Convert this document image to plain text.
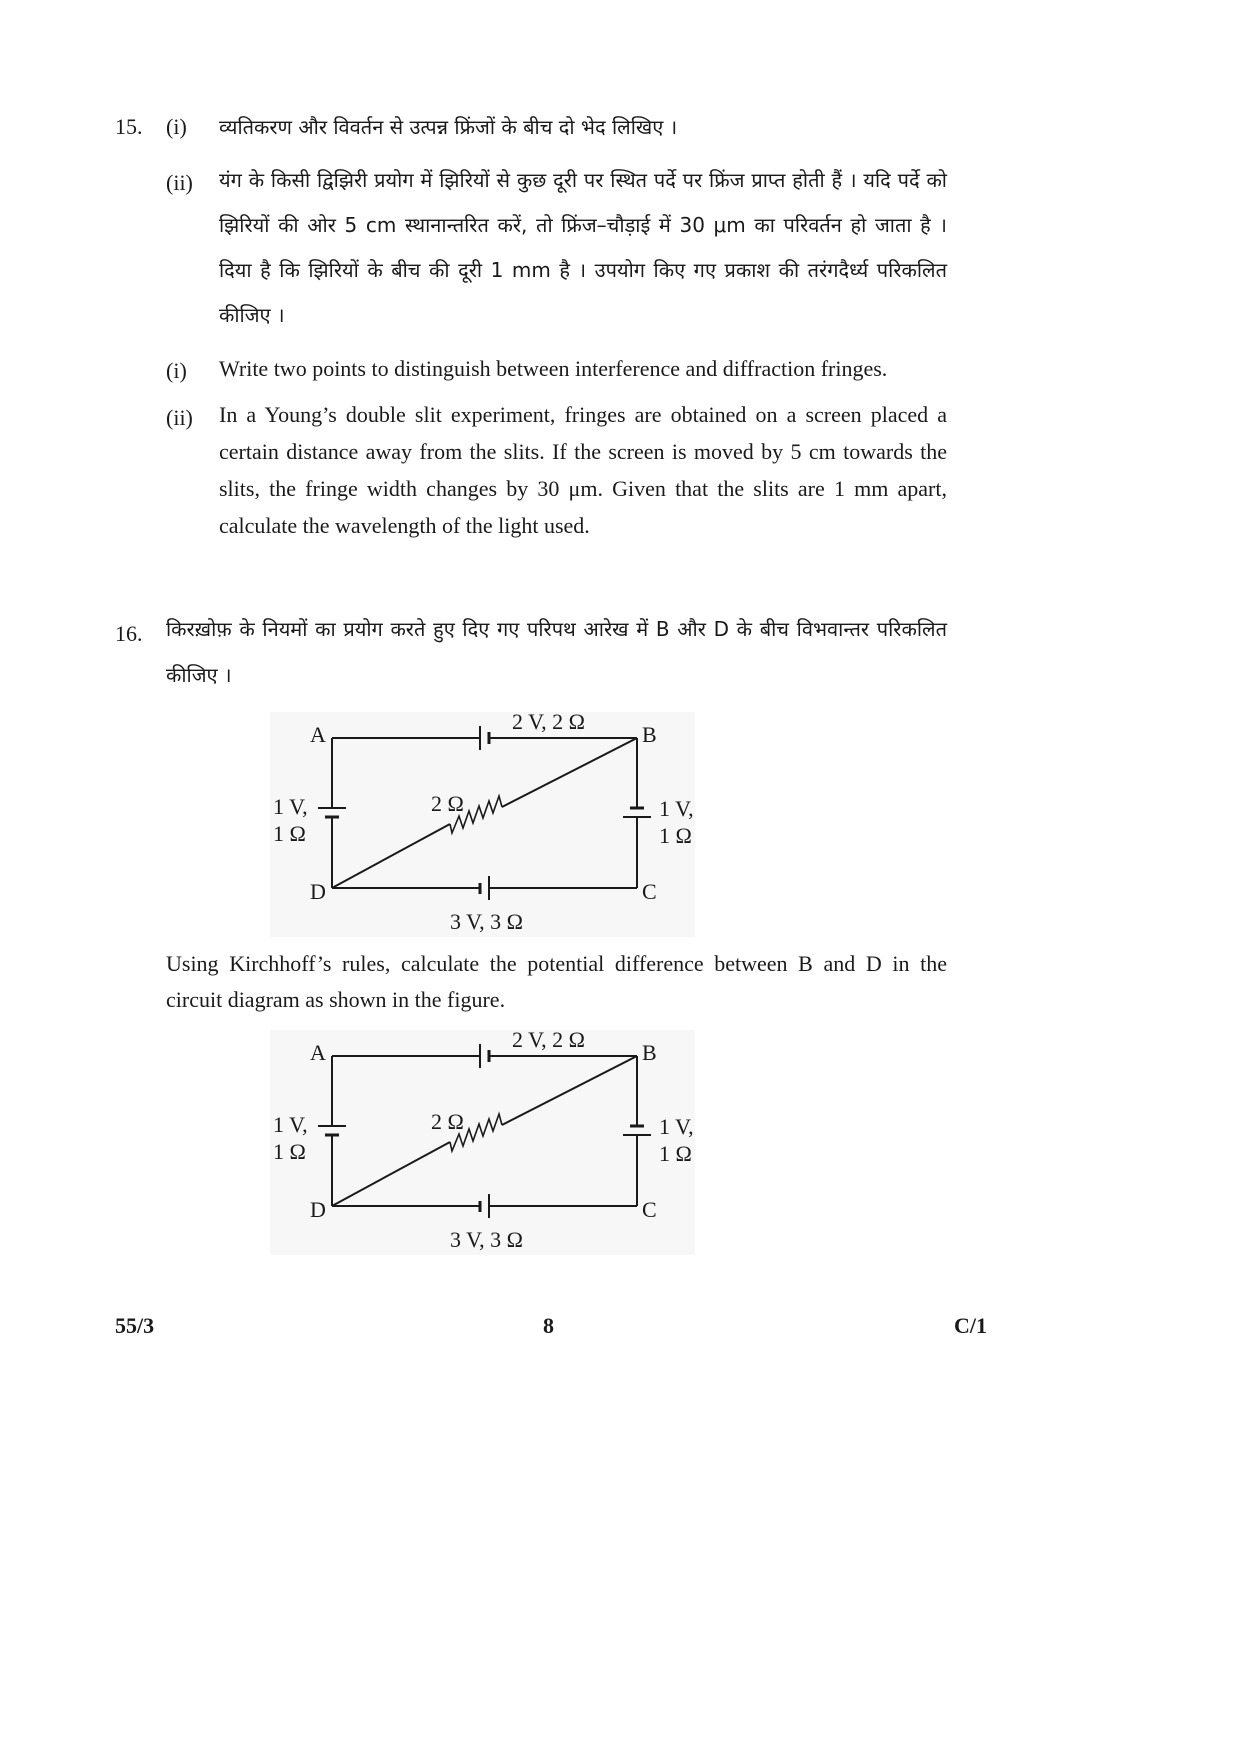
15. (i) व्यतिकरण और विवर्तन से उत्पन्न फ्रिंजों के बीच दो भेद लिखिए ।
(ii) यंग के किसी द्विझिरी प्रयोग में झिरियों से कुछ दूरी पर स्थित पर्दे पर फ्रिंज प्राप्त होती हैं । यदि पर्दे को झिरियों की ओर 5 cm स्थानान्तरित करें, तो फ्रिंज–चौड़ाई में 30 μm का परिवर्तन हो जाता है । दिया है कि झिरियों के बीच की दूरी 1 mm है । उपयोग किए गए प्रकाश की तरंगदैर्ध्य परिकलित कीजिए ।
(i) Write two points to distinguish between interference and diffraction fringes.
(ii) In a Young’s double slit experiment, fringes are obtained on a screen placed a certain distance away from the slits. If the screen is moved by 5 cm towards the slits, the fringe width changes by 30 μm. Given that the slits are 1 mm apart, calculate the wavelength of the light used.
16. किरख़ोफ़ के नियमों का प्रयोग करते हुए दिए गए परिपथ आरेख में B और D के बीच विभवान्तर परिकलित कीजिए ।
A	B
C
D
2 V, 2 Ω
3 V, 3 Ω
1 V,
1 Ω
1 V,
1 Ω
2 Ω
Using Kirchhoff’s rules, calculate the potential difference between B and D in the circuit diagram as shown in the figure.
A	B
C
D
2 V, 2 Ω
3 V, 3 Ω
1 V,
1 Ω
1 V,
1 Ω
2 Ω
55/3	8	C/1
